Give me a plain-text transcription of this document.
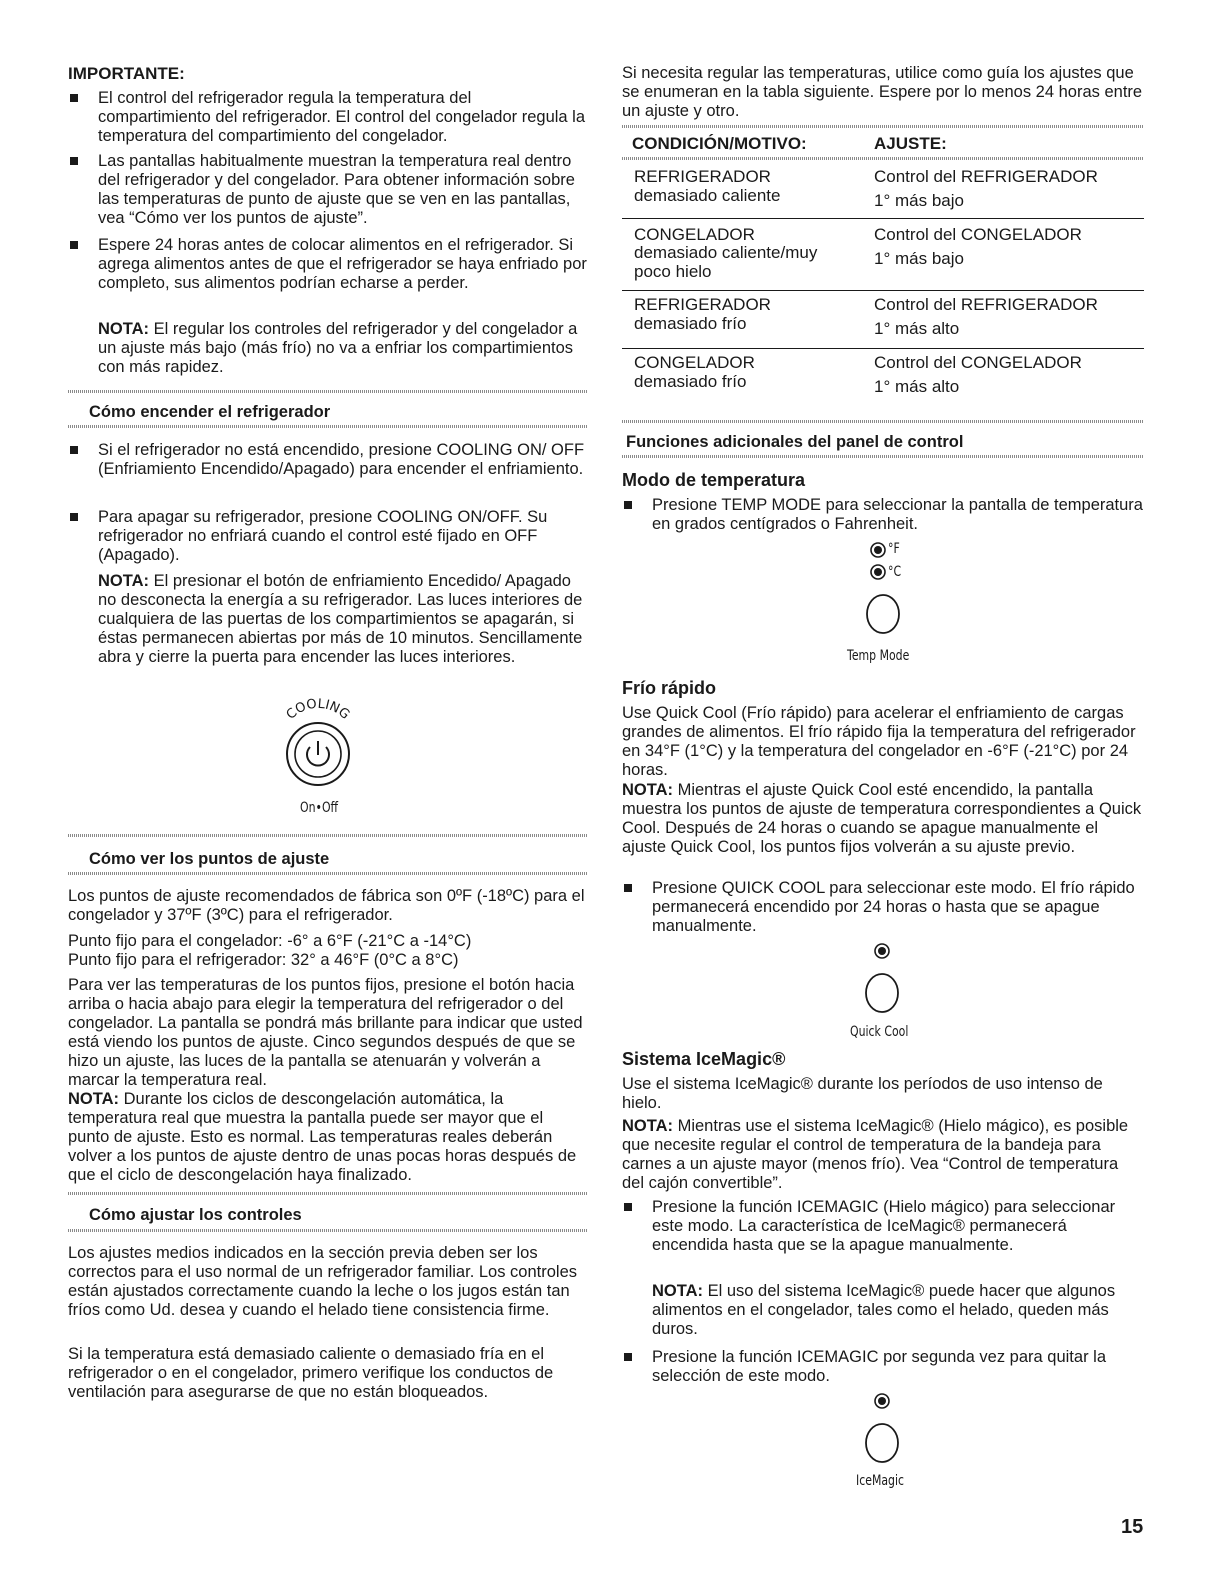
IMPORTANTE:

El control del refrigerador regula la temperatura del compartimiento del refrigerador. El control del congelador regula la temperatura del compartimiento del congelador.

Las pantallas habitualmente muestran la temperatura real dentro del refrigerador y del congelador. Para obtener información sobre las temperaturas de punto de ajuste que se ven en las pantallas, vea “Cómo ver los puntos de ajuste”.

Espere 24 horas antes de colocar alimentos en el refrigerador. Si agrega alimentos antes de que el refrigerador se haya enfriado por completo, sus alimentos podrían echarse a perder.

NOTA: El regular los controles del refrigerador y del congelador a un ajuste más bajo (más frío) no va a enfriar los compartimientos con más rapidez.
Cómo encender el refrigerador

Si el refrigerador no está encendido, presione COOLING ON/ OFF (Enfriamiento Encendido/Apagado) para encender el enfriamiento.

Para apagar su refrigerador, presione COOLING ON/OFF. Su refrigerador no enfriará cuando el control esté fijado en OFF (Apagado).

NOTA: El presionar el botón de enfriamiento Encedido/ Apagado no desconecta la energía a su refrigerador. Las luces interiores de cualquiera de las puertas de los compartimientos se apagarán, si éstas permanecen abiertas por más de 10 minutos. Sencillamente abra y cierre la puerta para encender las luces interiores.
COOLING
On•Off
Cómo ver los puntos de ajuste
Los puntos de ajuste recomendados de fábrica son 0ºF (-18ºC) para el congelador y 37ºF (3ºC) para el refrigerador.
Punto fijo para el congelador: -6° a 6°F (-21°C a -14°C)
Punto fijo para el refrigerador: 32° a 46°F (0°C a 8°C)
Para ver las temperaturas de los puntos fijos, presione el botón hacia arriba o hacia abajo para elegir la temperatura del refrigerador o del congelador. La pantalla se pondrá más brillante para indicar que usted está viendo los puntos de ajuste. Cinco segundos después de que se hizo un ajuste, las luces de la pantalla se atenuarán y volverán a marcar la temperatura real.
NOTA: Durante los ciclos de descongelación automática, la temperatura real que muestra la pantalla puede ser mayor que el punto de ajuste. Esto es normal. Las temperaturas reales deberán volver a los puntos de ajuste dentro de unas pocas horas después de que el ciclo de descongelación haya finalizado.
Cómo ajustar los controles
Los ajustes medios indicados en la sección previa deben ser los correctos para el uso normal de un refrigerador familiar. Los controles están ajustados correctamente cuando la leche o los jugos están tan fríos como Ud. desea y cuando el helado tiene consistencia firme.
Si la temperatura está demasiado caliente o demasiado fría en el refrigerador o en el congelador, primero verifique los conductos de ventilación para asegurarse de que no están bloqueados.
Si necesita regular las temperaturas, utilice como guía los ajustes que se enumeran en la tabla siguiente. Espere por lo menos 24 horas entre un ajuste y otro.
CONDICIÓN/MOTIVO:	AJUSTE:
REFRIGERADOR
demasiado caliente
Control del REFRIGERADOR
1° más bajo
CONGELADOR
demasiado caliente/muy
poco hielo
Control del CONGELADOR
1° más bajo
REFRIGERADOR
demasiado frío
Control del REFRIGERADOR
1° más alto
CONGELADOR
demasiado frío
Control del CONGELADOR
1° más alto
Funciones adicionales del panel de control
Modo de temperatura

Presione TEMP MODE para seleccionar la pantalla de temperatura en grados centígrados o Fahrenheit.

°F
°C
Temp Mode
Frío rápido
Use Quick Cool (Frío rápido) para acelerar el enfriamiento de cargas grandes de alimentos. El frío rápido fija la temperatura del refrigerador en 34°F (1°C) y la temperatura del congelador en -6°F (-21°C) por 24 horas.
NOTA: Mientras el ajuste Quick Cool esté encendido, la pantalla muestra los puntos de ajuste de temperatura correspondientes a Quick Cool. Después de 24 horas o cuando se apague manualmente el ajuste Quick Cool, los puntos fijos volverán a su ajuste previo.

Presione QUICK COOL para seleccionar este modo. El frío rápido permanecerá encendido por 24 horas o hasta que se apague manualmente.

Quick Cool
Sistema IceMagic®
Use el sistema IceMagic® durante los períodos de uso intenso de hielo.
NOTA: Mientras use el sistema IceMagic® (Hielo mágico), es posible que necesite regular el control de temperatura de la bandeja para carnes a un ajuste mayor (menos frío). Vea “Control de temperatura del cajón convertible”.

Presione la función ICEMAGIC (Hielo mágico) para seleccionar este modo. La característica de IceMagic® permanecerá encendida hasta que se la apague manualmente.

NOTA: El uso del sistema IceMagic® puede hacer que algunos alimentos en el congelador, tales como el helado, queden más duros.

Presione la función ICEMAGIC por segunda vez para quitar la selección de este modo.

IceMagic
15
